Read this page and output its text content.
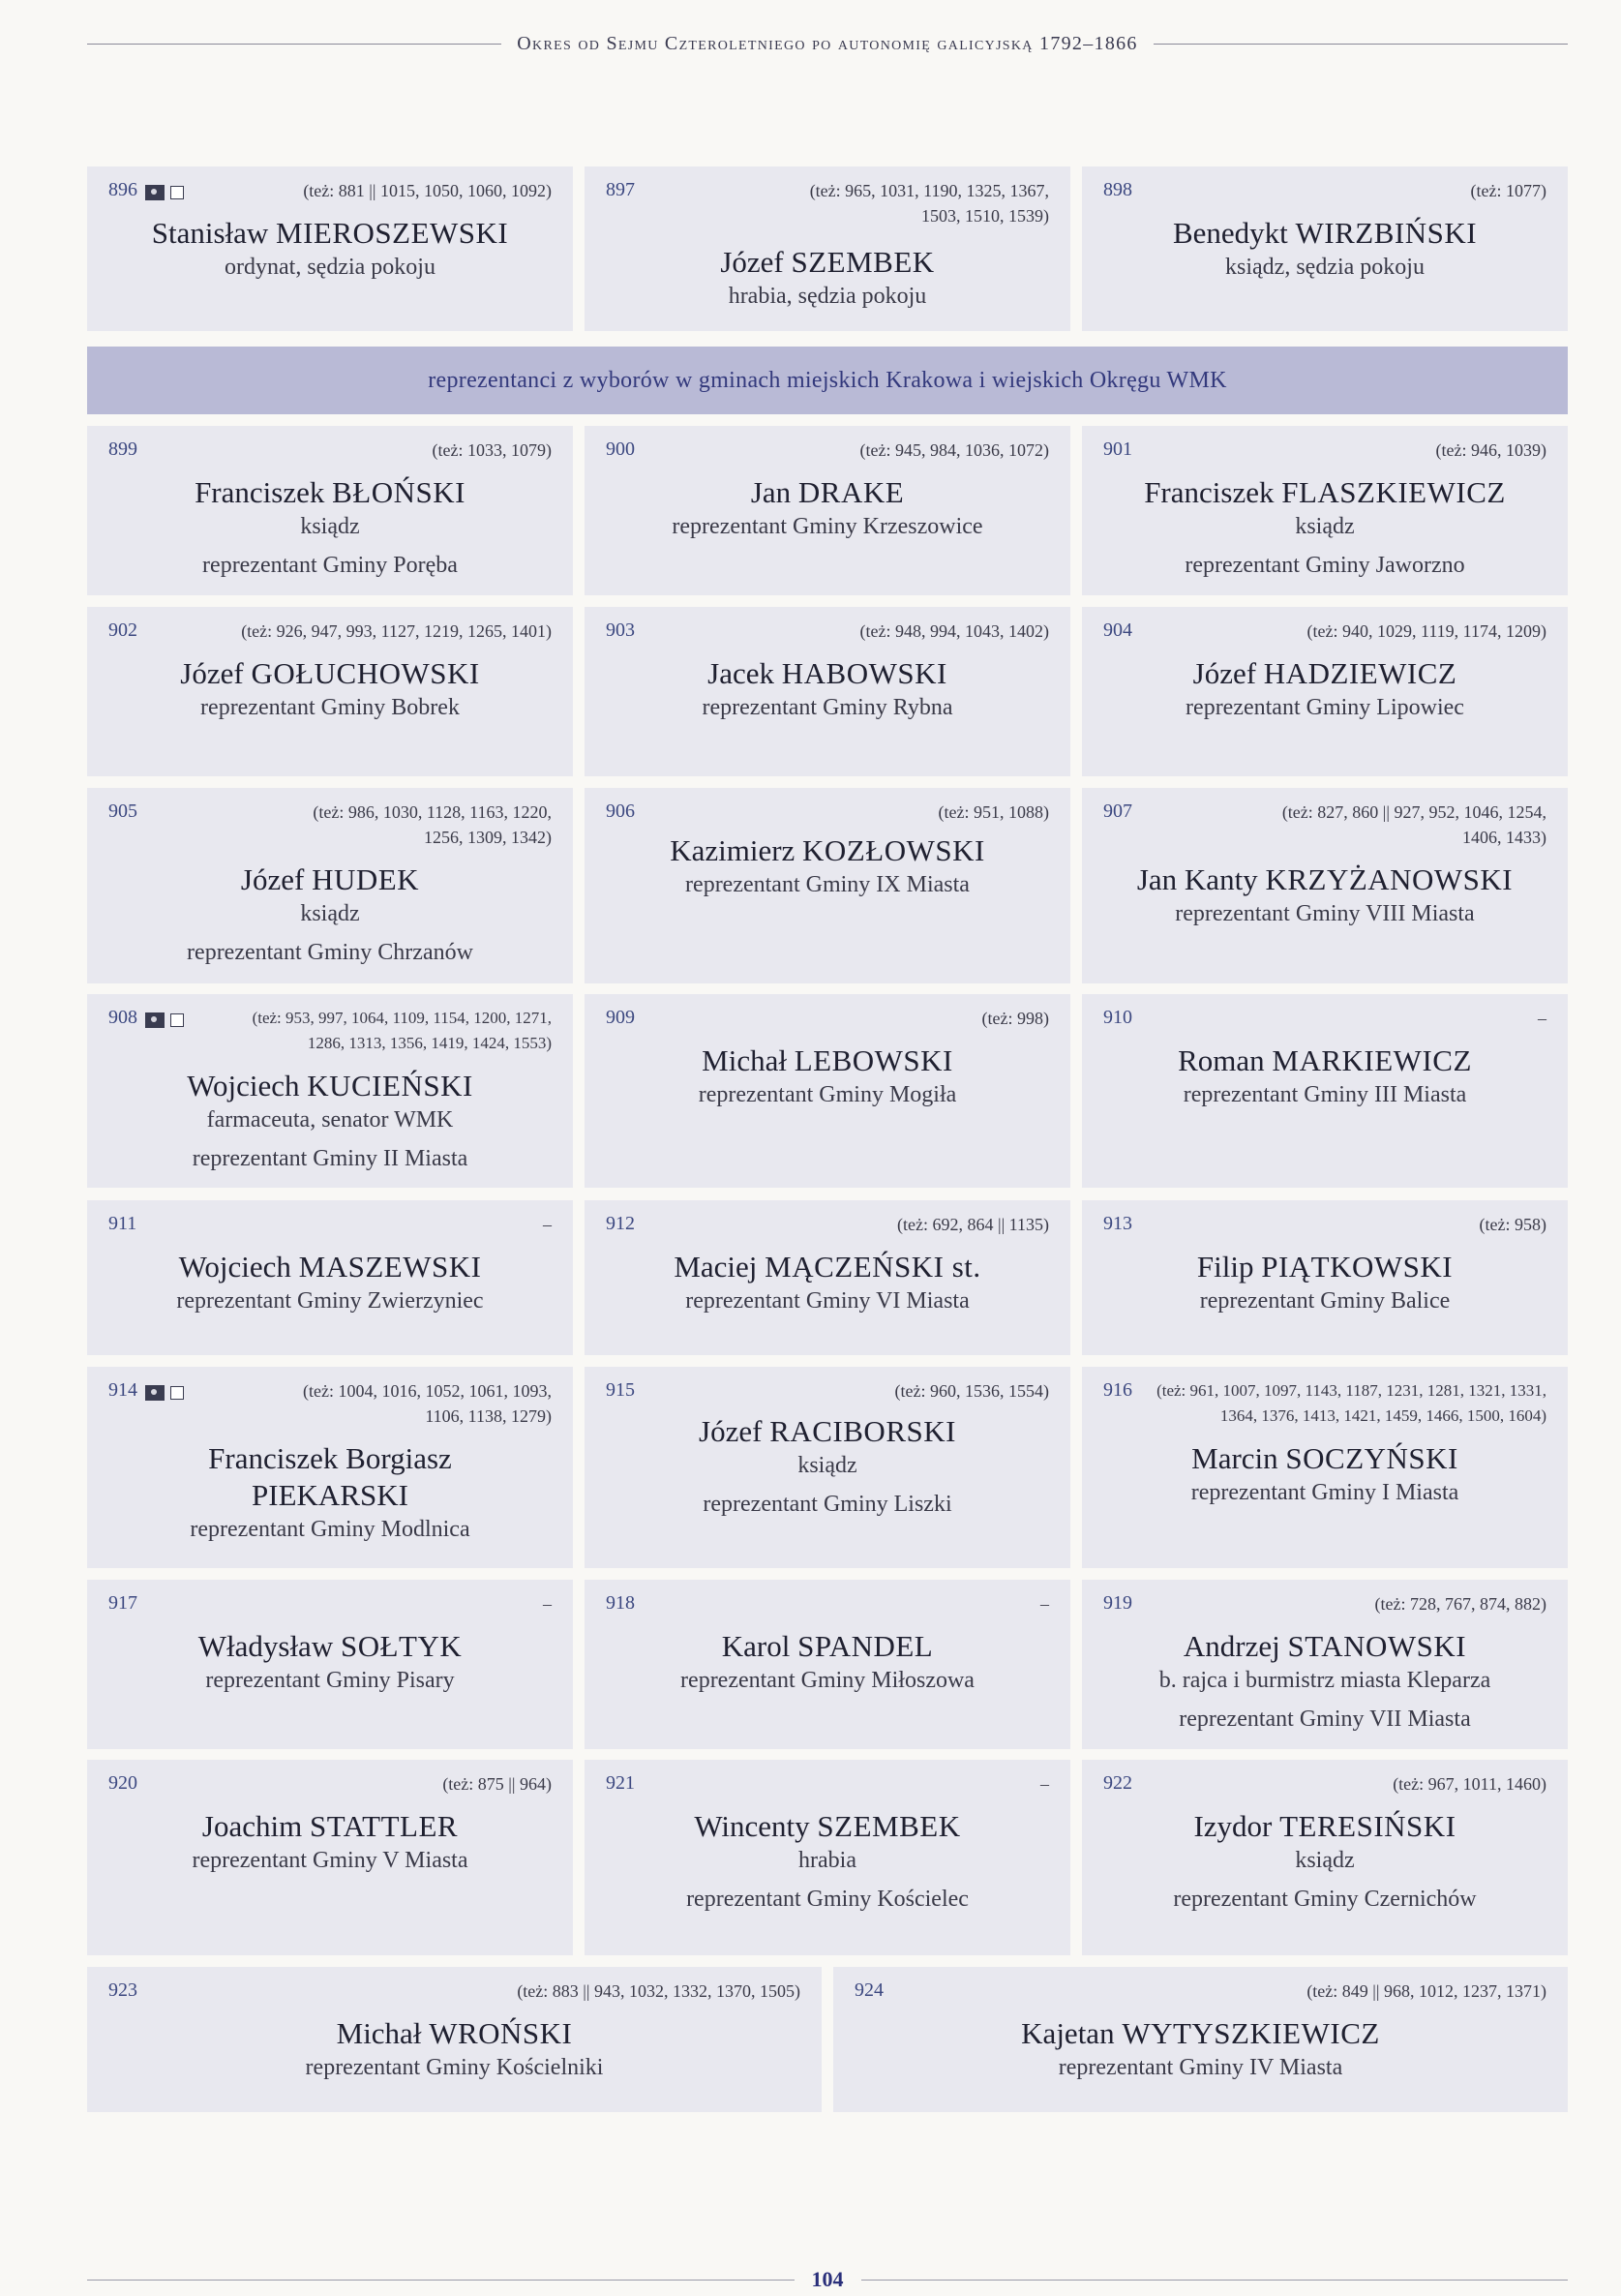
Okres od Sejmu Czteroletniego po autonomię galicyjską 1792–1866
896	(też: 881 || 1015, 1050, 1060, 1092)
Stanisław MIEROSZEWSKI
ordynat, sędzia pokoju
897	(też: 965, 1031, 1190, 1325, 1367, 1503, 1510, 1539)
Józef SZEMBEK
hrabia, sędzia pokoju
898	(też: 1077)
Benedykt WIRZBIŃSKI
ksiądz, sędzia pokoju
reprezentanci z wyborów w gminach miejskich Krakowa i wiejskich Okręgu WMK
899	(też: 1033, 1079)
Franciszek BŁOŃSKI
ksiądz
reprezentant Gminy Poręba
900	(też: 945, 984, 1036, 1072)
Jan DRAKE
reprezentant Gminy Krzeszowice
901	(też: 946, 1039)
Franciszek FLASZKIEWICZ
ksiądz
reprezentant Gminy Jaworzno
902	(też: 926, 947, 993, 1127, 1219, 1265, 1401)
Józef GOŁUCHOWSKI
reprezentant Gminy Bobrek
903	(też: 948, 994, 1043, 1402)
Jacek HABOWSKI
reprezentant Gminy Rybna
904	(też: 940, 1029, 1119, 1174, 1209)
Józef HADZIEWICZ
reprezentant Gminy Lipowiec
905	(też: 986, 1030, 1128, 1163, 1220, 1256, 1309, 1342)
Józef HUDEK
ksiądz
reprezentant Gminy Chrzanów
906	(też: 951, 1088)
Kazimierz KOZŁOWSKI
reprezentant Gminy IX Miasta
907	(też: 827, 860 || 927, 952, 1046, 1254, 1406, 1433)
Jan Kanty KRZYŻANOWSKI
reprezentant Gminy VIII Miasta
908	(też: 953, 997, 1064, 1109, 1154, 1200, 1271, 1286, 1313, 1356, 1419, 1424, 1553)
Wojciech KUCIEŃSKI
farmaceuta, senator WMK
reprezentant Gminy II Miasta
909	(też: 998)
Michał LEBOWSKI
reprezentant Gminy Mogiła
910	–
Roman MARKIEWICZ
reprezentant Gminy III Miasta
911	–
Wojciech MASZEWSKI
reprezentant Gminy Zwierzyniec
912	(też: 692, 864 || 1135)
Maciej MĄCZEŃSKI st.
reprezentant Gminy VI Miasta
913	(też: 958)
Filip PIĄTKOWSKI
reprezentant Gminy Balice
914	(też: 1004, 1016, 1052, 1061, 1093, 1106, 1138, 1279)
Franciszek Borgiasz
PIEKARSKI
reprezentant Gminy Modlnica
915	(też: 960, 1536, 1554)
Józef RACIBORSKI
ksiądz
reprezentant Gminy Liszki
916	(też: 961, 1007, 1097, 1143, 1187, 1231, 1281, 1321, 1331, 1364, 1376, 1413, 1421, 1459, 1466, 1500, 1604)
Marcin SOCZYŃSKI
reprezentant Gminy I Miasta
917	–
Władysław SOŁTYK
reprezentant Gminy Pisary
918	–
Karol SPANDEL
reprezentant Gminy Miłoszowa
919	(też: 728, 767, 874, 882)
Andrzej STANOWSKI
b. rajca i burmistrz miasta Kleparza
reprezentant Gminy VII Miasta
920	(też: 875 || 964)
Joachim STATTLER
reprezentant Gminy V Miasta
921	–
Wincenty SZEMBEK
hrabia
reprezentant Gminy Kościelec
922	(też: 967, 1011, 1460)
Izydor TERESIŃSKI
ksiądz
reprezentant Gminy Czernichów
923	(też: 883 || 943, 1032, 1332, 1370, 1505)
Michał WROŃSKI
reprezentant Gminy Kościelniki
924	(też: 849 || 968, 1012, 1237, 1371)
Kajetan WYTYSZKIEWICZ
reprezentant Gminy IV Miasta
104
